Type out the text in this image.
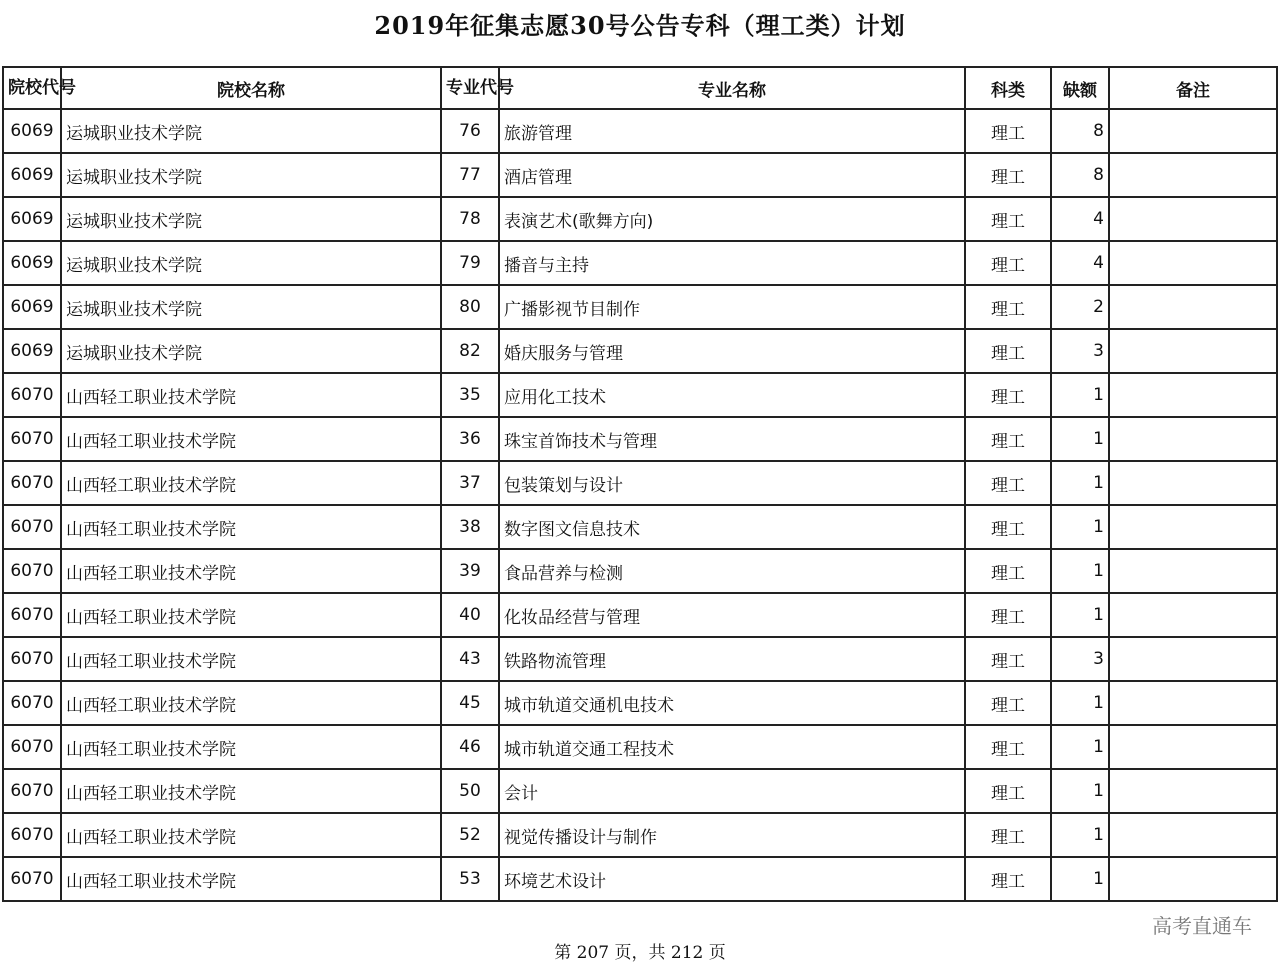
2019年征集志愿30号公告专科（理工类）计划
院校代号	院校名称	专业代号	专业名称	科类	缺额	备注
6069	运城职业技术学院	76	旅游管理	理工	8	
6069	运城职业技术学院	77	酒店管理	理工	8	
6069	运城职业技术学院	78	表演艺术(歌舞方向)	理工	4	
6069	运城职业技术学院	79	播音与主持	理工	4	
6069	运城职业技术学院	80	广播影视节目制作	理工	2	
6069	运城职业技术学院	82	婚庆服务与管理	理工	3	
6070	山西轻工职业技术学院	35	应用化工技术	理工	1	
6070	山西轻工职业技术学院	36	珠宝首饰技术与管理	理工	1	
6070	山西轻工职业技术学院	37	包装策划与设计	理工	1	
6070	山西轻工职业技术学院	38	数字图文信息技术	理工	1	
6070	山西轻工职业技术学院	39	食品营养与检测	理工	1	
6070	山西轻工职业技术学院	40	化妆品经营与管理	理工	1	
6070	山西轻工职业技术学院	43	铁路物流管理	理工	3	
6070	山西轻工职业技术学院	45	城市轨道交通机电技术	理工	1	
6070	山西轻工职业技术学院	46	城市轨道交通工程技术	理工	1	
6070	山西轻工职业技术学院	50	会计	理工	1	
6070	山西轻工职业技术学院	52	视觉传播设计与制作	理工	1	
6070	山西轻工职业技术学院	53	环境艺术设计	理工	1	
高考直通车
第 207 页，共 212 页
